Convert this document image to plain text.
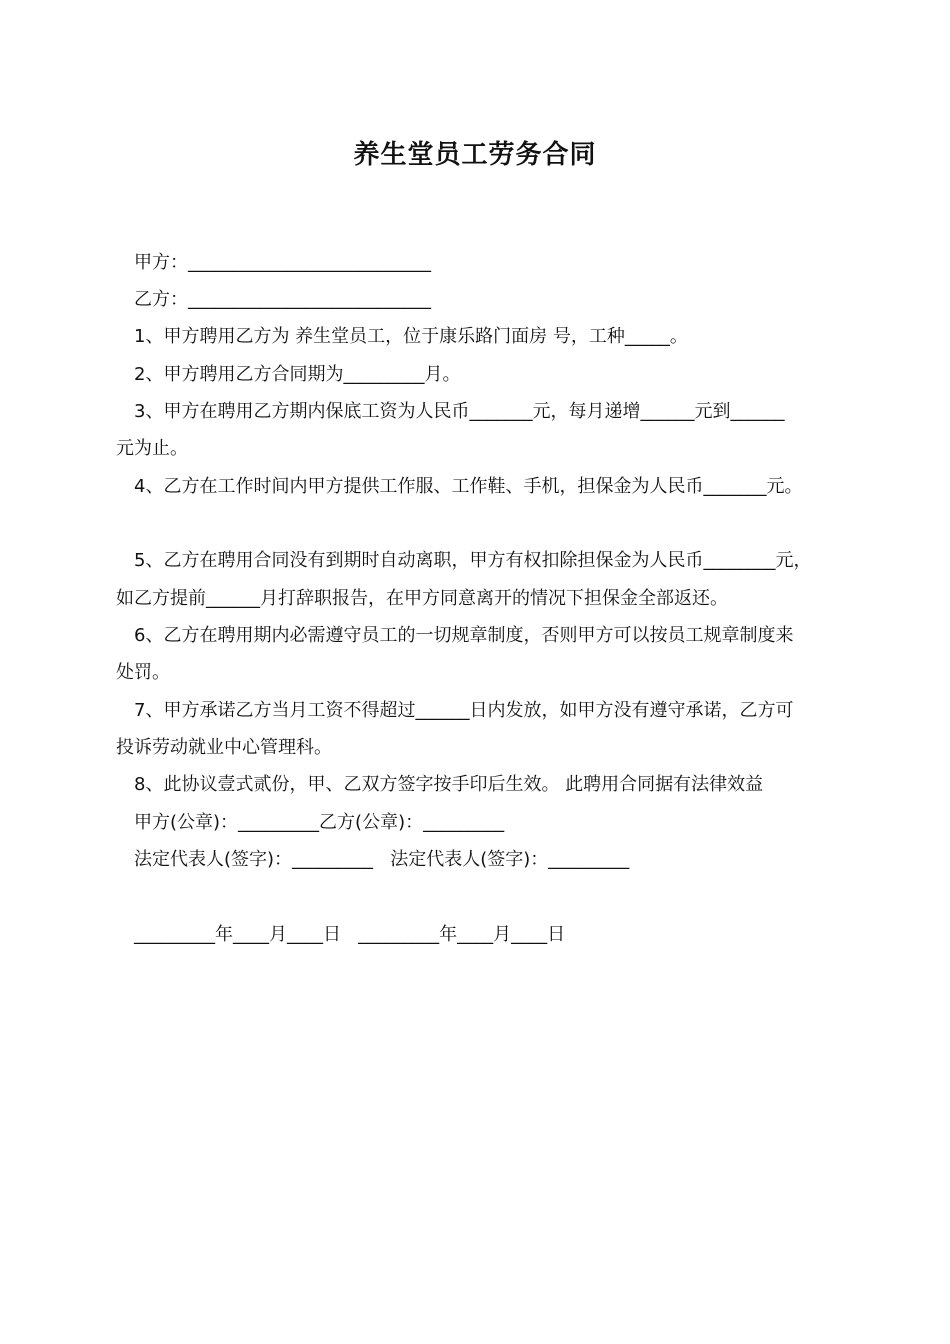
养生堂员工劳务合同
甲方：___________________________
乙方：___________________________
1、甲方聘用乙方为 养生堂员工，位于康乐路门面房 号，工种_____。
2、甲方聘用乙方合同期为_________月。
3、甲方在聘用乙方期内保底工资为人民币_______元，每月递增______元到______
元为止。
4、乙方在工作时间内甲方提供工作服、工作鞋、手机，担保金为人民币_______元。
5、乙方在聘用合同没有到期时自动离职，甲方有权扣除担保金为人民币________元，
如乙方提前______月打辞职报告，在甲方同意离开的情况下担保金全部返还。
6、乙方在聘用期内必需遵守员工的一切规章制度，否则甲方可以按员工规章制度来
处罚。
7、甲方承诺乙方当月工资不得超过______日内发放，如甲方没有遵守承诺，乙方可
投诉劳动就业中心管理科。
8、此协议壹式贰份，甲、乙双方签字按手印后生效。 此聘用合同据有法律效益
甲方(公章)：_________乙方(公章)：_________
法定代表人(签字)：_________   法定代表人(签字)：_________
_________年____月____日   _________年____月____日
